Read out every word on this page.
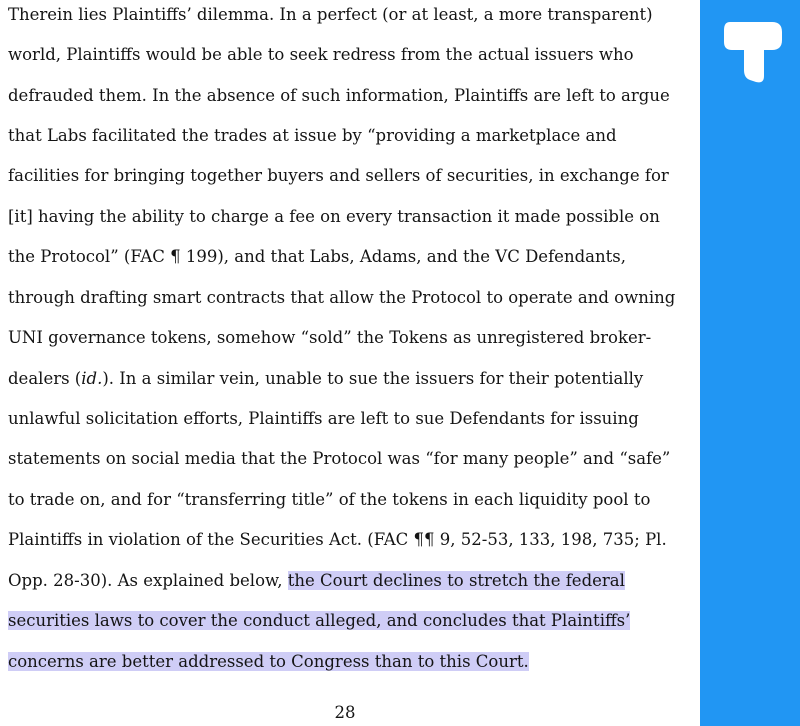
Therein lies Plaintiffs’ dilemma. In a perfect (or at least, a more transparent)
world, Plaintiffs would be able to seek redress from the actual issuers who
defrauded them. In the absence of such information, Plaintiffs are left to argue
that Labs facilitated the trades at issue by “providing a marketplace and
facilities for bringing together buyers and sellers of securities, in exchange for
[it] having the ability to charge a fee on every transaction it made possible on
the Protocol” (FAC ¶ 199), and that Labs, Adams, and the VC Defendants,
through drafting smart contracts that allow the Protocol to operate and owning
UNI governance tokens, somehow “sold” the Tokens as unregistered broker-
dealers (id.). In a similar vein, unable to sue the issuers for their potentially
unlawful solicitation efforts, Plaintiffs are left to sue Defendants for issuing
statements on social media that the Protocol was “for many people” and “safe”
to trade on, and for “transferring title” of the tokens in each liquidity pool to
Plaintiffs in violation of the Securities Act. (FAC ¶¶ 9, 52-53, 133, 198, 735; Pl.
Opp. 28-30). As explained below, the Court declines to stretch the federal
securities laws to cover the conduct alleged, and concludes that Plaintiffs’
concerns are better addressed to Congress than to this Court.
28
